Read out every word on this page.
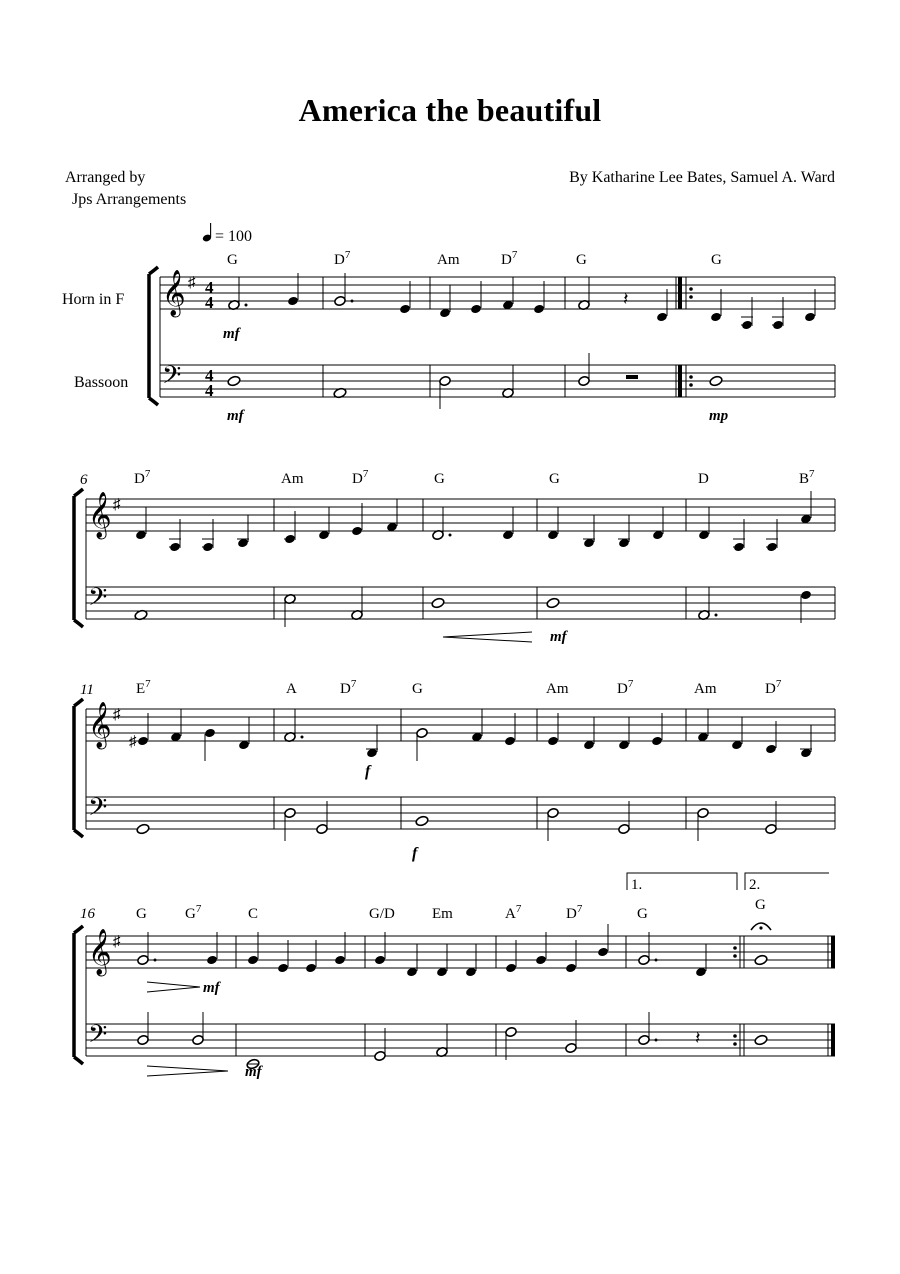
America the beautiful
Arranged by
Jps Arrangements
By Katharine Lee Bates, Samuel A. Ward
= 100
Horn in F
Bassoon
𝄞
𝄢
♯ 4
4
4
4
G	$D^7$	Am	$D^7$	G	G
𝄽
mf
mf	mp
6
𝄞
𝄢
♯
$D^7$	Am	$D^7$	G	G	D	$B^7$
mf
11
𝄞
𝄢
♯
$E^7$	A	$D^7$	G	Am	$D^7$	Am	$D^7$
♯
f
f
1.	2.
16
𝄞
𝄢
♯
G	$G^7$	C	G/D Em	$A^7$	$D^7$	G
G
𝄽
mf
mf
